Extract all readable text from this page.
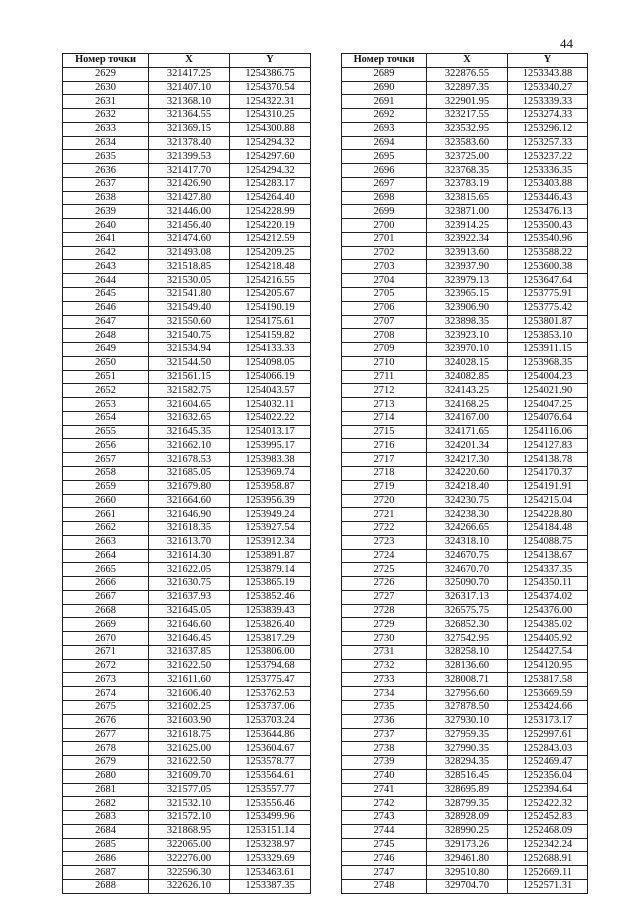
44
Номер точки	X	Y
2629	321417.25	1254386.75
2630	321407.10	1254370.54
2631	321368.10	1254322.31
2632	321364.55	1254310.25
2633	321369.15	1254300.88
2634	321378.40	1254294.32
2635	321399.53	1254297.60
2636	321417.70	1254294.32
2637	321426.90	1254283.17
2638	321427.80	1254264.40
2639	321446.00	1254228.99
2640	321456.40	1254220.19
2641	321474.60	1254212.59
2642	321493.08	1254209.25
2643	321518.85	1254218.48
2644	321530.05	1254216.55
2645	321541.80	1254205.67
2646	321549.40	1254190.19
2647	321550.60	1254175.61
2648	321540.75	1254159.82
2649	321534.94	1254133.33
2650	321544.50	1254098.05
2651	321561.15	1254066.19
2652	321582.75	1254043.57
2653	321604.65	1254032.11
2654	321632.65	1254022.22
2655	321645.35	1254013.17
2656	321662.10	1253995.17
2657	321678.53	1253983.38
2658	321685.05	1253969.74
2659	321679.80	1253958.87
2660	321664.60	1253956.39
2661	321646.90	1253949.24
2662	321618.35	1253927.54
2663	321613.70	1253912.34
2664	321614.30	1253891.87
2665	321622.05	1253879.14
2666	321630.75	1253865.19
2667	321637.93	1253852.46
2668	321645.05	1253839.43
2669	321646.60	1253826.40
2670	321646.45	1253817.29
2671	321637.85	1253806.00
2672	321622.50	1253794.68
2673	321611.60	1253775.47
2674	321606.40	1253762.53
2675	321602.25	1253737.06
2676	321603.90	1253703.24
2677	321618.75	1253644.86
2678	321625.00	1253604.67
2679	321622.50	1253578.77
2680	321609.70	1253564.61
2681	321577.05	1253557.77
2682	321532.10	1253556.46
2683	321572.10	1253499.96
2684	321868.95	1253151.14
2685	322065.00	1253238.97
2686	322276.00	1253329.69
2687	322596.30	1253463.61
2688	322626.10	1253387.35
Номер точки	X	Y
2689	322876.55	1253343.88
2690	322897.35	1253340.27
2691	322901.95	1253339.33
2692	323217.55	1253274.33
2693	323532.95	1253296.12
2694	323583.60	1253257.33
2695	323725.00	1253237.22
2696	323768.35	1253336.35
2697	323783.19	1253403.88
2698	323815.65	1253446.43
2699	323871.00	1253476.13
2700	323914.25	1253500.43
2701	323922.34	1253540.96
2702	323913.60	1253588.22
2703	323937.90	1253600.38
2704	323979.13	1253647.64
2705	323965.15	1253775.91
2706	323906.90	1253775.42
2707	323898.35	1253801.87
2708	323923.10	1253853.10
2709	323970.10	1253911.15
2710	324028.15	1253968.35
2711	324082.85	1254004.23
2712	324143.25	1254021.90
2713	324168.25	1254047.25
2714	324167.00	1254076.64
2715	324171.65	1254116.06
2716	324201.34	1254127.83
2717	324217.30	1254138.78
2718	324220.60	1254170.37
2719	324218.40	1254191.91
2720	324230.75	1254215.04
2721	324238.30	1254228.80
2722	324266.65	1254184.48
2723	324318.10	1254088.75
2724	324670.75	1254138.67
2725	324670.70	1254337.35
2726	325090.70	1254350.11
2727	326317.13	1254374.02
2728	326575.75	1254376.00
2729	326852.30	1254385.02
2730	327542.95	1254405.92
2731	328258.10	1254427.54
2732	328136.60	1254120.95
2733	328008.71	1253817.58
2734	327956.60	1253669.59
2735	327878.50	1253424.66
2736	327930.10	1253173.17
2737	327959.35	1252997.61
2738	327990.35	1252843.03
2739	328294.35	1252469.47
2740	328516.45	1252356.04
2741	328695.89	1252394.64
2742	328799.35	1252422.32
2743	328928.09	1252452.83
2744	328990.25	1252468.09
2745	329173.26	1252342.24
2746	329461.80	1252688.91
2747	329510.80	1252669.11
2748	329704.70	1252571.31
